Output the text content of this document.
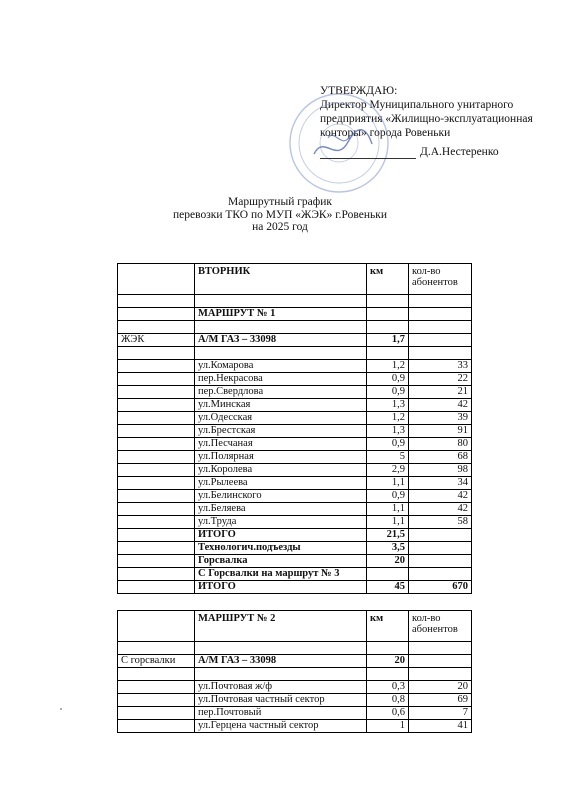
УТВЕРЖДАЮ:
Директор Муниципального унитарного
предприятия «Жилищно-эксплуатационная
конторы» города Ровеньки
Д.А.Нестеренко
Маршрутный график
перевозки ТКО по МУП «ЖЭК» г.Ровеньки
на 2025 год
	ВТОРНИК	км	кол-во абонентов

	МАРШРУТ № 1		

ЖЭК	А/М ГАЗ – 33098	1,7	

	ул.Комарова	1,2	33
	пер.Некрасова	0,9	22
	пер.Свердлова	0,9	21
	ул.Минская	1,3	42
	ул.Одесская	1,2	39
	ул.Брестская	1,3	91
	ул.Песчаная	0,9	80
	ул.Полярная	5	68
	ул.Королева	2,9	98
	ул.Рылеева	1,1	34
	ул.Белинского	0,9	42
	ул.Беляева	1,1	42
	ул.Труда	1,1	58
	ИТОГО	21,5	
	Технологич.подъезды	3,5	
	Горсвалка	20	
	С Горсвалки на маршрут № 3		
	ИТОГО	45	670
	МАРШРУТ № 2	км	кол-во абонентов

С горсвалки	А/М ГАЗ – 33098	20	

	ул.Почтовая ж/ф	0,3	20
	ул.Почтовая частный сектор	0,8	69
	пер.Почтовый	0,6	7
	ул.Герцена частный сектор	1	41
